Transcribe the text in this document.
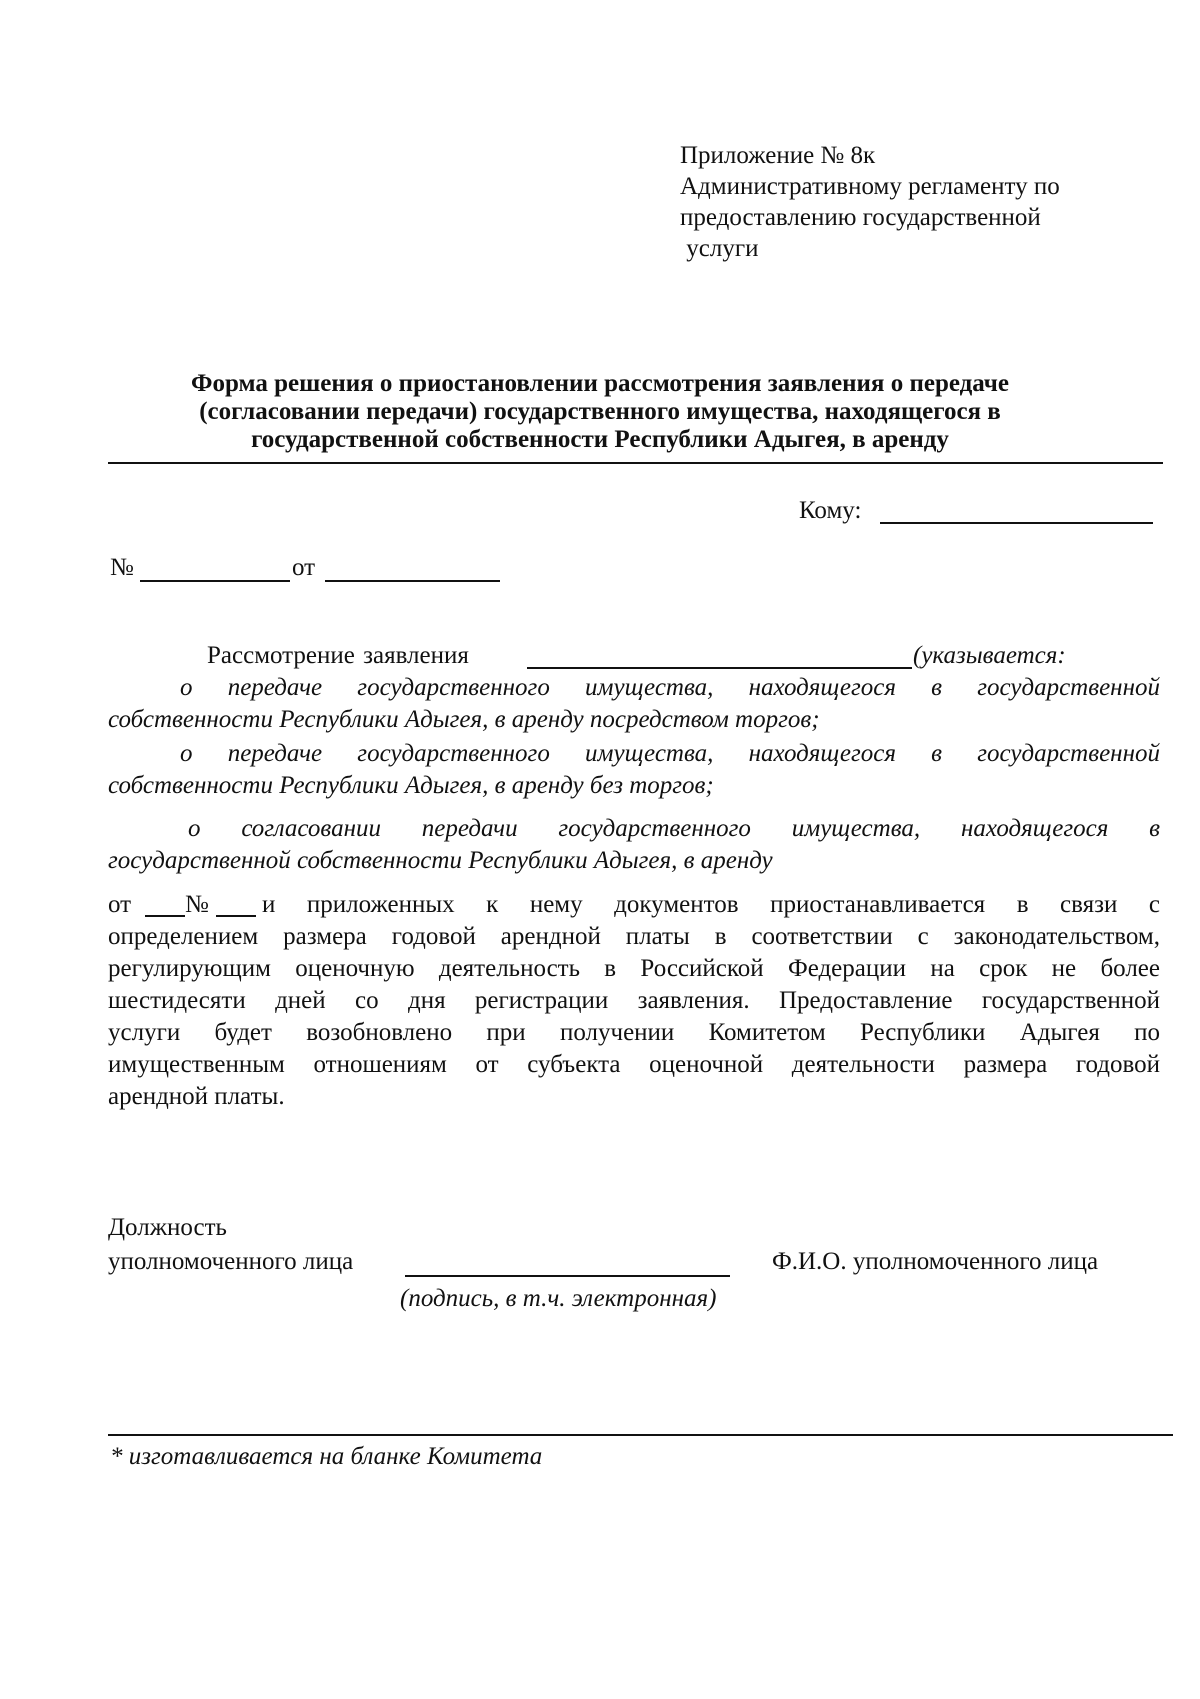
Приложение № 8к
Административному регламенту по
предоставлению государственной
услуги
Форма решения о приостановлении рассмотрения заявления о передаче
(согласовании передачи) государственного имущества, находящегося в
государственной собственности Республики Адыгея, в аренду
Кому:
№	от
Рассмотрение заявления	(указывается:
о передаче государственного имущества, находящегося в государственной
собственности Республики Адыгея, в аренду посредством торгов;
о передаче государственного имущества, находящегося в государственной
собственности Республики Адыгея, в аренду без торгов;
о согласовании передачи государственного имущества, находящегося в
государственной собственности Республики Адыгея, в аренду
от № и приложенных к нему документов приостанавливается в связи с
определением размера годовой арендной платы в соответствии с законодательством,
регулирующим оценочную деятельность в Российской Федерации на срок не более
шестидесяти дней со дня регистрации заявления. Предоставление государственной
услуги будет возобновлено при получении Комитетом Республики Адыгея по
имущественным отношениям от субъекта оценочной деятельности размера годовой
арендной платы.
Должность
уполномоченного лица	Ф.И.О. уполномоченного лица
(подпись, в т.ч. электронная)
* изготавливается на бланке Комитета
